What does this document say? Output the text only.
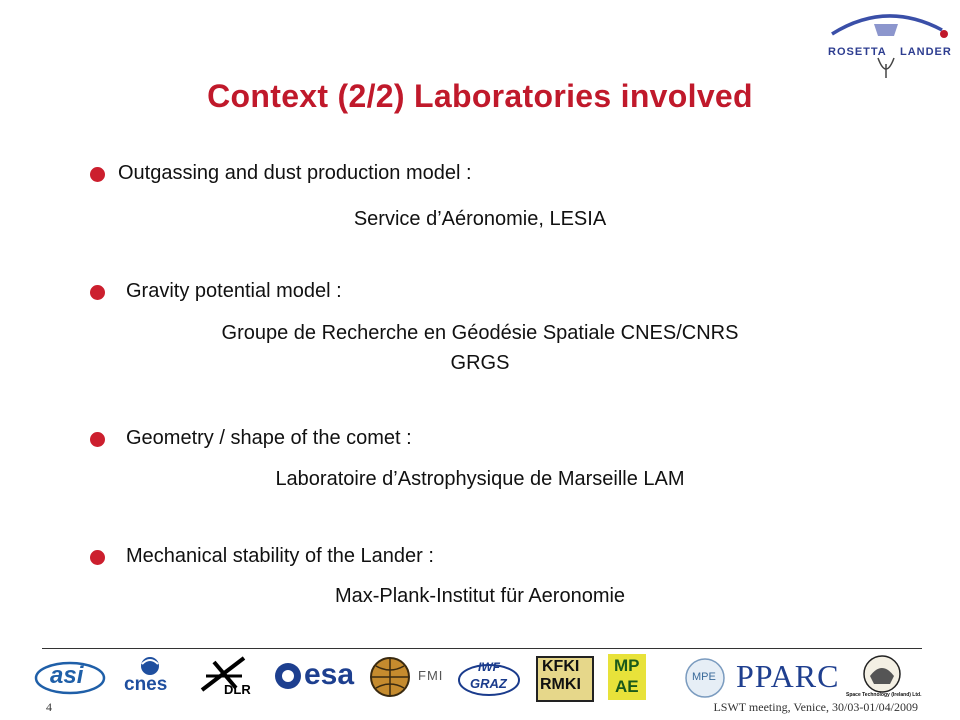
ROSETTA LANDER
Context (2/2) Laboratories involved
Outgassing and dust production model :
Service d’Aéronomie, LESIA
Gravity potential model :
Groupe de Recherche en Géodésie Spatiale CNES/CNRS
GRGS
Geometry / shape of the comet :
Laboratoire d’Astrophysique de Marseille LAM
Mechanical stability of the Lander :
Max-Plank-Institut für Aeronomie
asi cnes	DLR esa	FMI
IWF
GRAZ
KFKI
RMKI
MP
AE	MPE PPARC
Space Technology (Ireland) Ltd.
4	LSWT meeting, Venice, 30/03-01/04/2009
